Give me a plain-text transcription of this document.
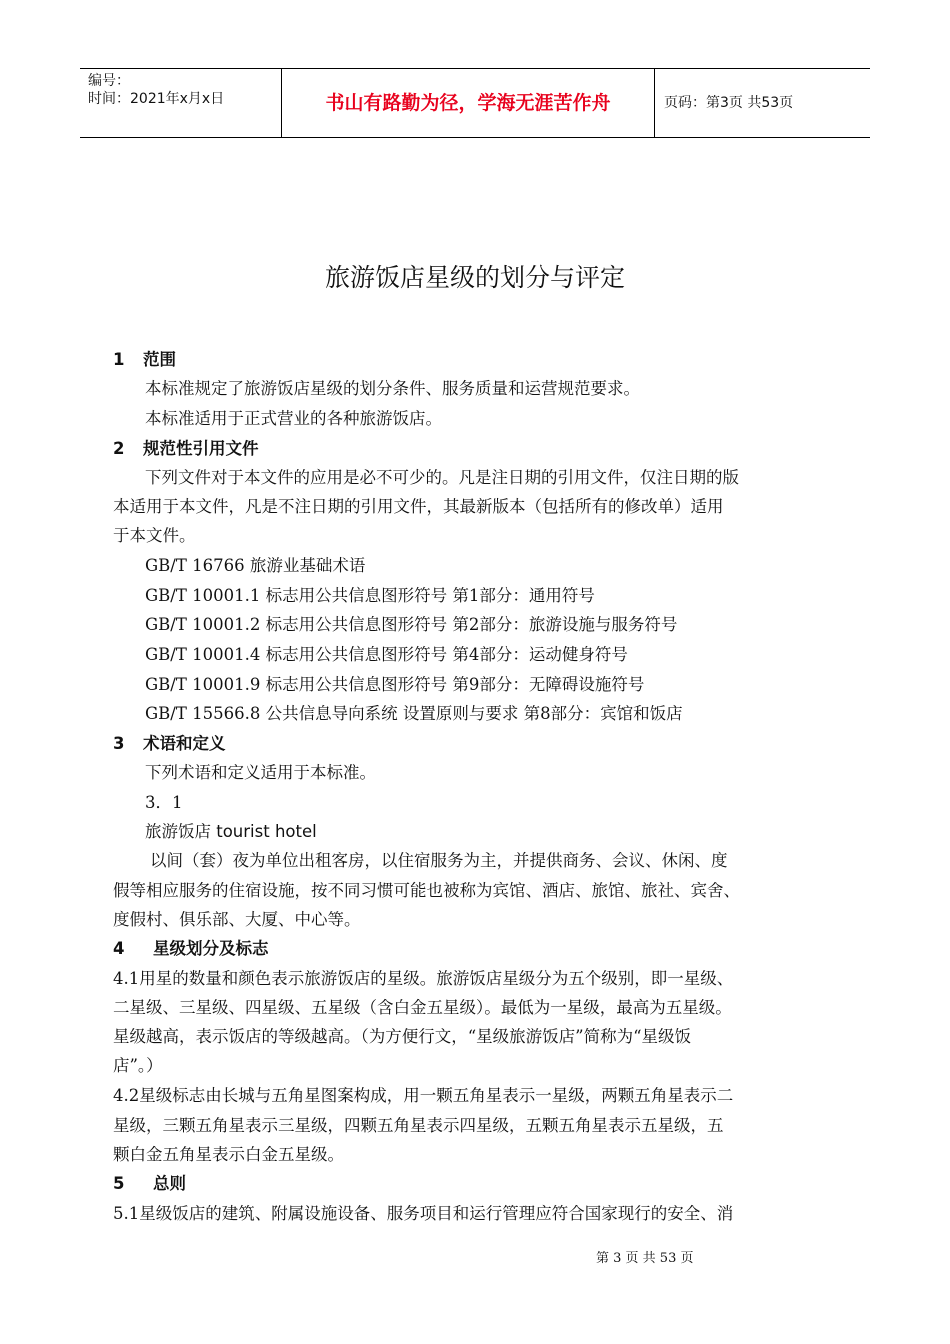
编号：
时间：2021年x月x日	书山有路勤为径，学海无涯苦作舟	页码：第3页 共53页
旅游饭店星级的划分与评定
1 范围
本标准规定了旅游饭店星级的划分条件、服务质量和运营规范要求。
本标准适用于正式营业的各种旅游饭店。
2 规范性引用文件
下列文件对于本文件的应用是必不可少的。凡是注日期的引用文件，仅注日期的版
本适用于本文件，凡是不注日期的引用文件，其最新版本（包括所有的修改单）适用
于本文件。
GB/T 16766 旅游业基础术语
GB/T 10001.1 标志用公共信息图形符号 第1部分：通用符号
GB/T 10001.2 标志用公共信息图形符号 第2部分：旅游设施与服务符号
GB/T 10001.4 标志用公共信息图形符号 第4部分：运动健身符号
GB/T 10001.9 标志用公共信息图形符号 第9部分：无障碍设施符号
GB/T 15566.8 公共信息导向系统 设置原则与要求 第8部分：宾馆和饭店
3 术语和定义
下列术语和定义适用于本标准。
3．1
旅游饭店 tourist hotel
以间（套）夜为单位出租客房，以住宿服务为主，并提供商务、会议、休闲、度
假等相应服务的住宿设施，按不同习惯可能也被称为宾馆、酒店、旅馆、旅社、宾舍、
度假村、俱乐部、大厦、中心等。
4 星级划分及标志
4.1用星的数量和颜色表示旅游饭店的星级。旅游饭店星级分为五个级别，即一星级、
二星级、三星级、四星级、五星级（含白金五星级）。最低为一星级，最高为五星级。
星级越高，表示饭店的等级越高。（为方便行文，“星级旅游饭店”简称为“星级饭
店”。）
4.2星级标志由长城与五角星图案构成，用一颗五角星表示一星级，两颗五角星表示二
星级，三颗五角星表示三星级，四颗五角星表示四星级，五颗五角星表示五星级，五
颗白金五角星表示白金五星级。
5 总则
5.1星级饭店的建筑、附属设施设备、服务项目和运行管理应符合国家现行的安全、消
第 3 页 共 53 页
